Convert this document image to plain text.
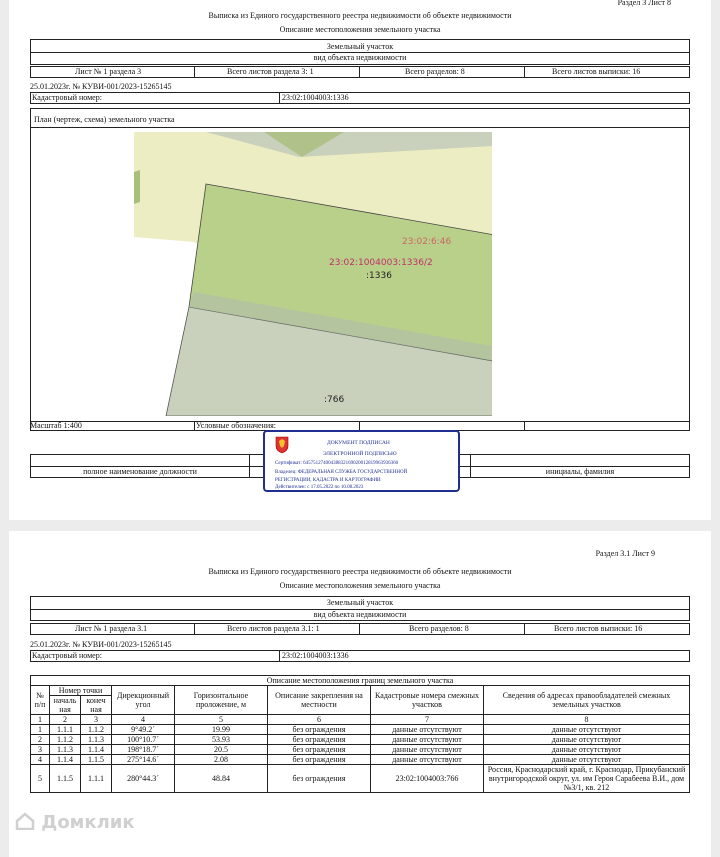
Раздел 3 Лист 8
Выписка из Единого государственного реестра недвижимости об объекте недвижимости
Описание местоположения земельного участка
Земельный участок
вид объекта недвижимости
Лист № 1 раздела 3	Всего листов раздела 3: 1	Всего разделов: 8	Всего листов выписки: 16
25.01.2023г. № КУВИ-001/2023-15265145
Кадастровый номер:	23:02:1004003:1336
План (чертеж, схема) земельного участка
23:02:6:46
23:02:1004003:1336/2
:1336
:766
Масштаб 1:400	Условные обозначения:
полное наименование должности	инициалы, фамилия
ДОКУМЕНТ ПОДПИСАН
ЭЛЕКТРОННОЙ ПОДПИСЬЮ
Сертификат: 64575127400438832169020012819963936360
Владелец: ФЕДЕРАЛЬНАЯ СЛУЖБА ГОСУДАРСТВЕННОЙ
РЕГИСТРАЦИИ, КАДАСТРА И КАРТОГРАФИИ
Действителен: с 17.05.2022 по 10.08.2023
Раздел 3.1 Лист 9
Выписка из Единого государственного реестра недвижимости об объекте недвижимости
Описание местоположения земельного участка
Земельный участок
вид объекта недвижимости
Лист № 1 раздела 3.1	Всего листов раздела 3.1: 1	Всего разделов: 8	Всего листов выписки: 16
25.01.2023г. № КУВИ-001/2023-15265145
Кадастровый номер:	23:02:1004003:1336
Описание местоположения границ земельного участка							
№ п/п	Номер точки		Дирекционный угол	Горизонтальное проложение, м	Описание закрепления на местности	Кадастровые номера смежных участков	Сведения об адресах правообладателей смежных земельных участков
	началь ная	конеч ная					
1	2	3	4	5	6	7	8
1	1.1.1	1.1.2	9°49.2´	19.99	без ограждения	данные отсутствуют	данные отсутствуют
2	1.1.2	1.1.3	100°10.7´	53.93	без ограждения	данные отсутствуют	данные отсутствуют
3	1.1.3	1.1.4	198°18.7´	20.5	без ограждения	данные отсутствуют	данные отсутствуют
4	1.1.4	1.1.5	275°14.6´	2.08	без ограждения	данные отсутствуют	данные отсутствуют
5	1.1.5	1.1.1	280°44.3´	48.84	без ограждения	23:02:1004003:766	Россия, Краснодарский край, г. Краснодар, Прикубанский внутригородской округ, ул. им Героя Сарабеева В.И., дом №3/1, кв. 212
Домклик
